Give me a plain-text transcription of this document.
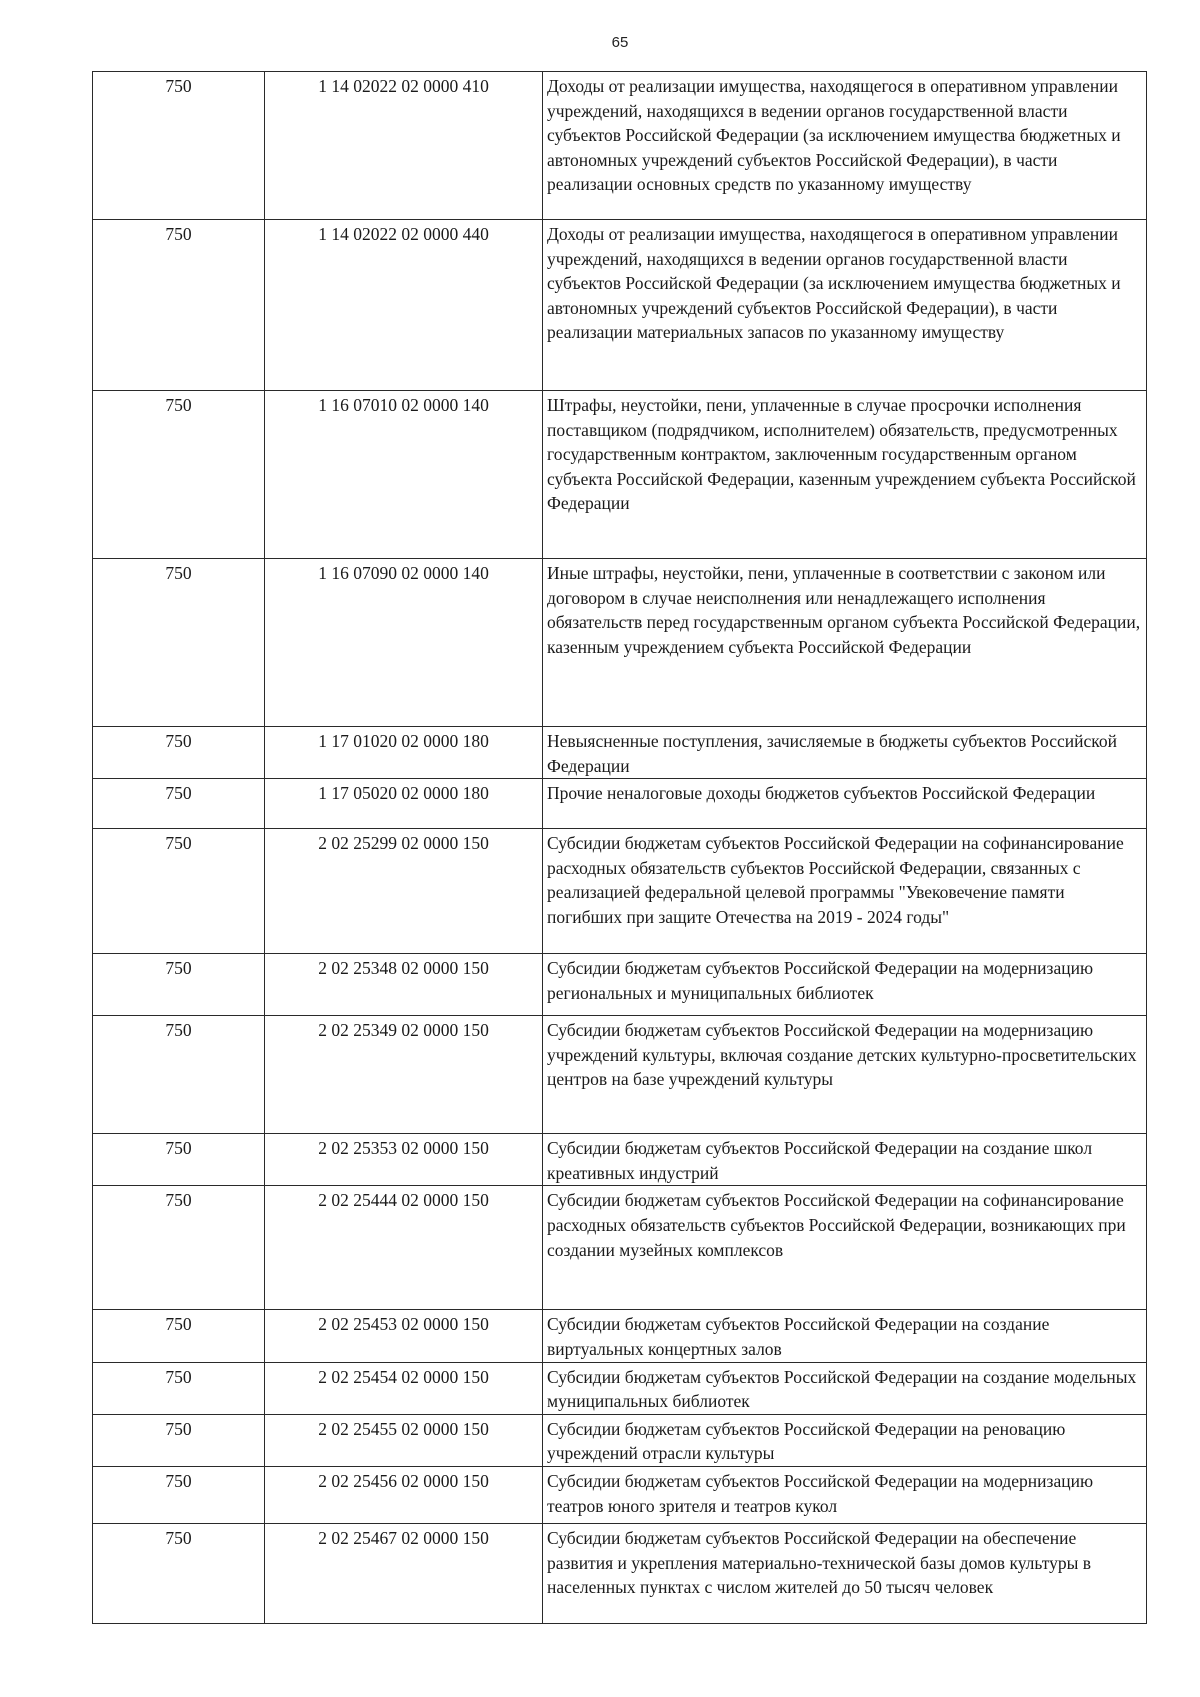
65
750	1 14 02022 02 0000 410	Доходы от реализации имущества, находящегося в оперативном управлении учреждений, находящихся в ведении органов государственной власти субъектов Российской Федерации (за исключением имущества бюджетных и автономных учреждений субъектов Российской Федерации), в части реализации основных средств по указанному имуществу
750	1 14 02022 02 0000 440	Доходы от реализации имущества, находящегося в оперативном управлении учреждений, находящихся в ведении органов государственной власти субъектов Российской Федерации (за исключением имущества бюджетных и автономных учреждений субъектов Российской Федерации), в части реализации материальных запасов по указанному имуществу
750	1 16 07010 02 0000 140	Штрафы, неустойки, пени, уплаченные в случае просрочки исполнения поставщиком (подрядчиком, исполнителем) обязательств, предусмотренных государственным контрактом, заключенным государственным органом субъекта Российской Федерации, казенным учреждением субъекта Российской Федерации
750	1 16 07090 02 0000 140	Иные штрафы, неустойки, пени, уплаченные в соответствии с законом или договором в случае неисполнения или ненадлежащего исполнения обязательств перед государственным органом субъекта Российской Федерации, казенным учреждением субъекта Российской Федерации
750	1 17 01020 02 0000 180	Невыясненные поступления, зачисляемые в бюджеты субъектов Российской Федерации
750	1 17 05020 02 0000 180	Прочие неналоговые доходы бюджетов субъектов Российской Федерации
750	2 02 25299 02 0000 150	Субсидии бюджетам субъектов Российской Федерации на софинансирование расходных обязательств субъектов Российской Федерации, связанных с реализацией федеральной целевой программы "Увековечение памяти погибших при защите Отечества на 2019 - 2024 годы"
750	2 02 25348 02 0000 150	Субсидии бюджетам субъектов Российской Федерации на модернизацию региональных и муниципальных библиотек
750	2 02 25349 02 0000 150	Субсидии бюджетам субъектов Российской Федерации на модернизацию учреждений культуры, включая создание детских культурно-просветительских центров на базе учреждений культуры
750	2 02 25353 02 0000 150	Субсидии бюджетам субъектов Российской Федерации на создание школ креативных индустрий
750	2 02 25444 02 0000 150	Субсидии бюджетам субъектов Российской Федерации на софинансирование расходных обязательств субъектов Российской Федерации, возникающих при создании музейных комплексов
750	2 02 25453 02 0000 150	Субсидии бюджетам субъектов Российской Федерации на создание виртуальных концертных залов
750	2 02 25454 02 0000 150	Субсидии бюджетам субъектов Российской Федерации на создание модельных муниципальных библиотек
750	2 02 25455 02 0000 150	Субсидии бюджетам субъектов Российской Федерации на реновацию учреждений отрасли культуры
750	2 02 25456 02 0000 150	Субсидии бюджетам субъектов Российской Федерации на модернизацию театров юного зрителя и театров кукол
750	2 02 25467 02 0000 150	Субсидии бюджетам субъектов Российской Федерации на обеспечение развития и укрепления материально-технической базы домов культуры в населенных пунктах с числом жителей до 50 тысяч человек
